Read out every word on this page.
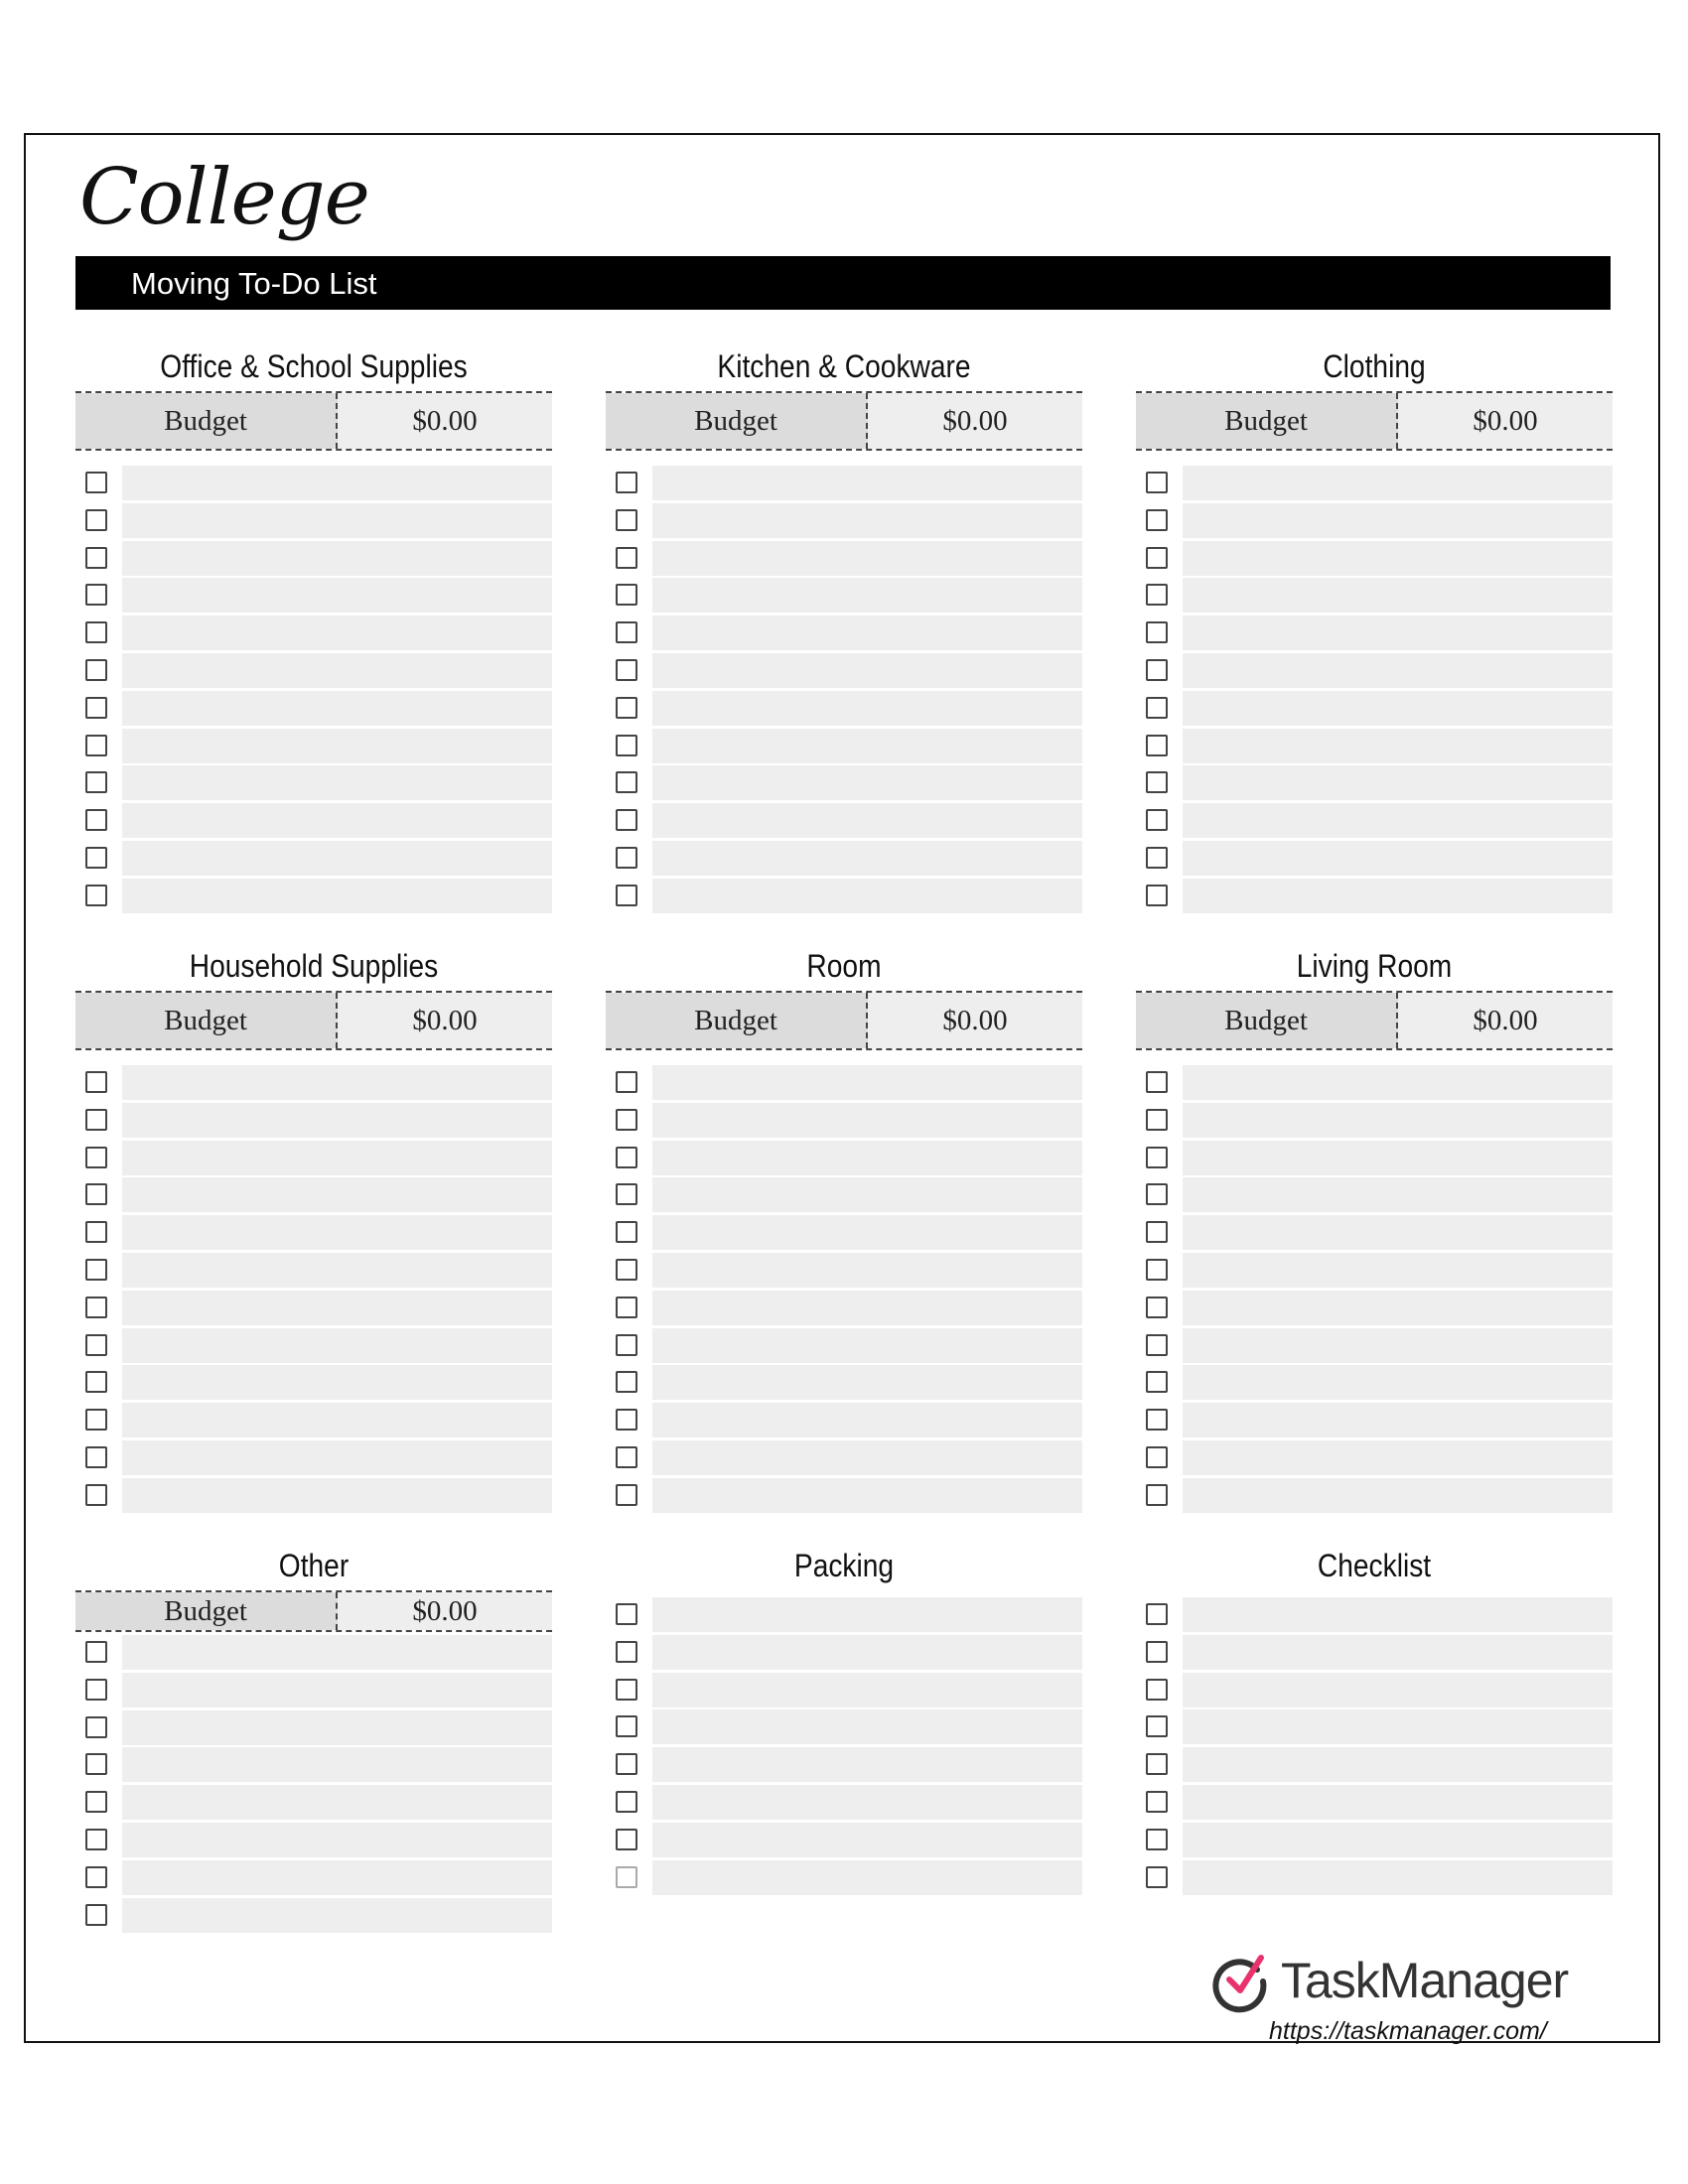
College
Moving To-Do List
Office & School Supplies
Budget	$0.00
Kitchen & Cookware
Budget	$0.00
Clothing
Budget	$0.00
Household Supplies
Budget	$0.00
Room
Budget	$0.00
Living Room
Budget	$0.00
Other
Budget	$0.00
Packing	Checklist
TaskManager
https://taskmanager.com/
